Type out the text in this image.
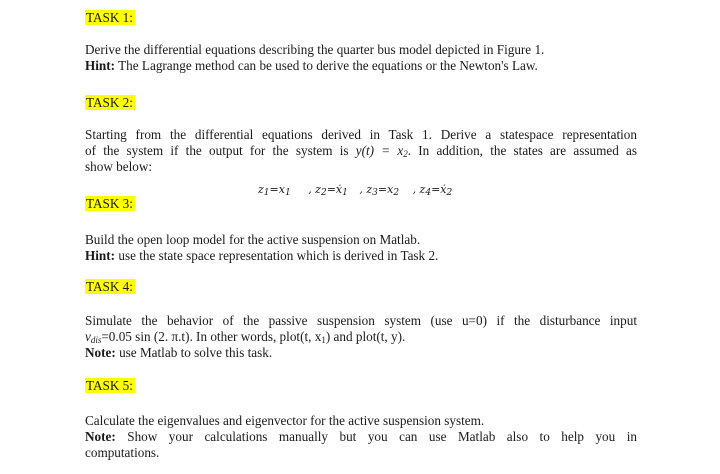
TASK 1:
Derive the differential equations describing the quarter bus model depicted in Figure 1.
Hint: The Lagrange method can be used to derive the equations or the Newton's Law.
TASK 2:
Starting from the differential equations derived in Task 1. Derive a statespace representation
of the system if the output for the system is $y(t) = x_2$. In addition, the states are assumed as
show below:
$z_1=x_1$ , $z_2=ẋ_1$ , $z_3=x_2$ , $z_4=ẋ_2$
TASK 3:
Build the open loop model for the active suspension on Matlab.
Hint: use the state space representation which is derived in Task 2.
TASK 4:
Simulate the behavior of the passive suspension system (use u=0) if the disturbance input
$v_{dis}=0.05$ sin (2. π.t). In other words, plot(t, $x_1$) and plot(t, y).
Note: use Matlab to solve this task.
TASK 5:
Calculate the eigenvalues and eigenvector for the active suspension system.
Note: Show your calculations manually but you can use Matlab also to help you in
computations.
